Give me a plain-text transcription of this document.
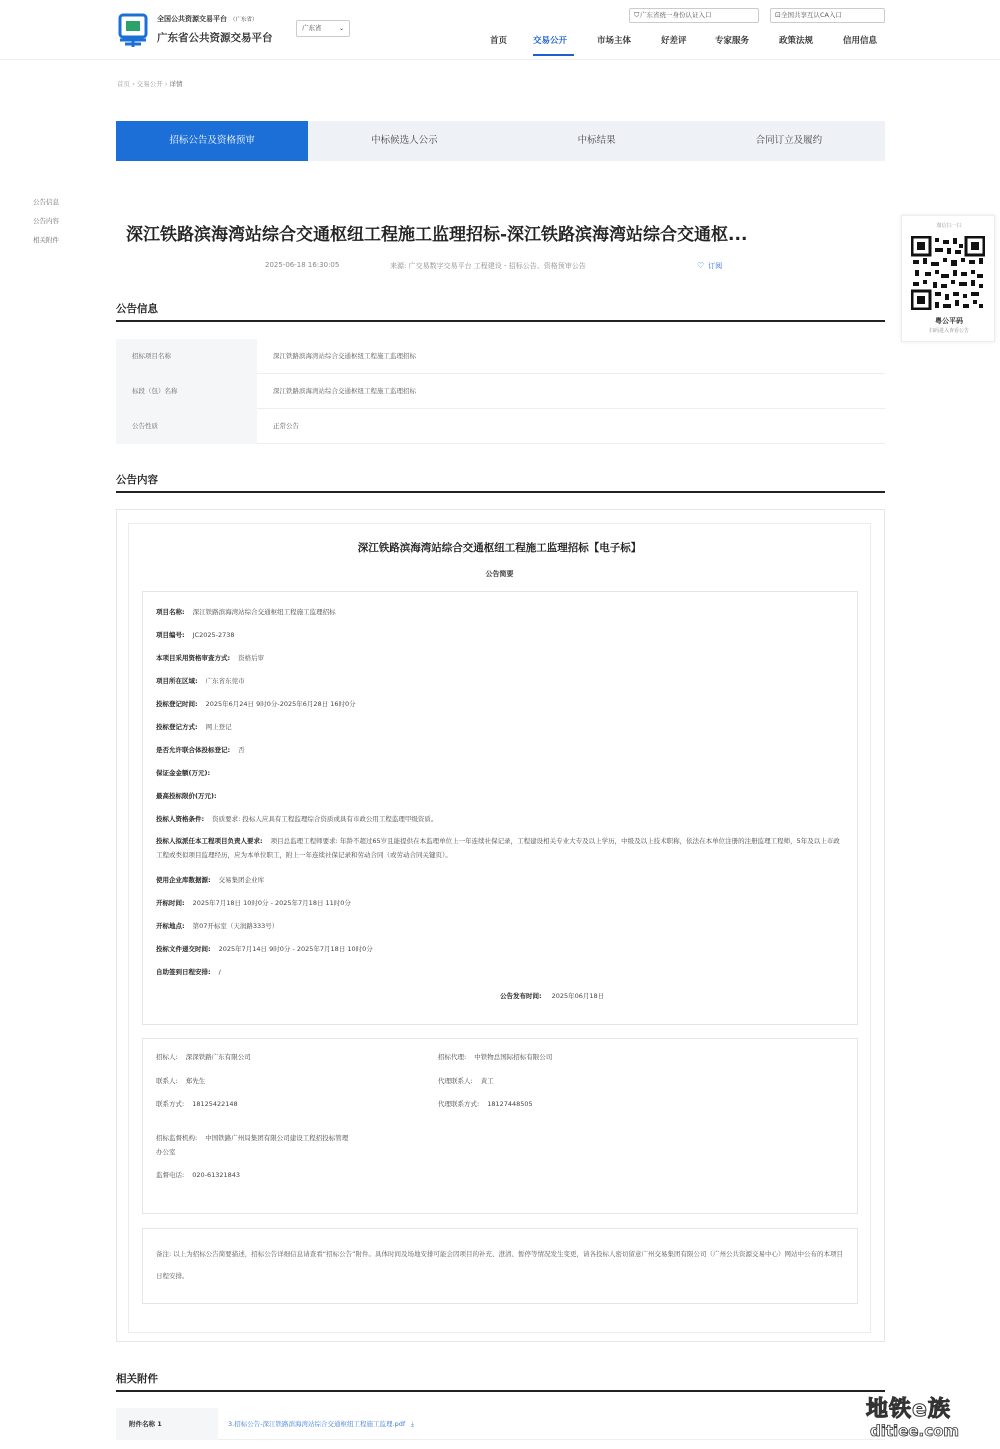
全国公共资源交易平台 （广东省）
广东省公共资源交易平台
广东省	⌄
⛉ 广东省统一身份认证入口	⊡ 全国共享互认CA入口
首页	交易公开	市场主体	好差评	专家服务	政策法规	信用信息
首页 › 交易公开 › 详情
招标公告及资格预审	中标候选人公示	中标结果	合同订立及履约
公告信息
公告内容
相关附件	深江铁路滨海湾站综合交通枢纽工程施工监理招标-深江铁路滨海湾站综合交通枢...
2025-06-18 16:30:05	来源: 广交易数字交易平台 工程建设 - 招标公告、资格预审公告	♡ 订阅
微信扫一扫
粤公平码
扫码进入查看公告
公告信息
招标项目名称	深江铁路滨海湾站综合交通枢纽工程施工监理招标
标段（包）名称	深江铁路滨海湾站综合交通枢纽工程施工监理招标
公告性质	正常公告
公告内容
深江铁路滨海湾站综合交通枢纽工程施工监理招标【电子标】
公告简要
项目名称: 深江铁路滨海湾站综合交通枢纽工程施工监理招标
项目编号: JC2025-2738
本项目采用资格审查方式: 资格后审
项目所在区域: 广东省东莞市
投标登记时间: 2025年6月24日 9时0分-2025年6月28日 16时0分
投标登记方式: 网上登记
是否允许联合体投标登记: 否
保证金金额(万元):
最高投标限价(万元):
投标人资格条件: 资质要求: 投标人应具有工程监理综合资质或具有市政公用工程监理甲级资质。
投标人拟派任本工程项目负责人要求: 项目总监理工程师要求: 年龄不超过65岁且能提供在本监理单位上一年连续社保记录，工程建设相关专业大专及以上学历，中级及以上技术职称，依法在本单位注册的注册监理工程师，5年及以上市政工程或类似项目监理经历，应为本单位职工，附上一年连续社保记录和劳动合同（或劳动合同关键页）。
使用企业库数据源: 交易集团企业库
开标时间: 2025年7月18日 10时0分 - 2025年7月18日 11时0分
开标地点: 第07开标室（天润路333号）
投标文件递交时间: 2025年7月14日 9时0分 - 2025年7月18日 10时0分
自助签到日程安排: /
公告发布时间: 2025年06月18日
招标人: 深深铁路广东有限公司
联系人: 郑先生
联系方式: 18125422148
招标代理: 中铁物总国际招标有限公司
代理联系人: 黄工
代理联系方式: 18127448505
招标监督机构: 中国铁路广州局集团有限公司建设工程招投标管理
办公室
监督电话: 020-61321843
备注: 以上为招标公告简要描述，招标公告详细信息请查看“招标公告”附件。具体时间及场地安排可能会因项目的补充、澄清、暂停等情况发生变更，请各投标人密切留意广州交易集团有限公司（广州公共资源交易中心）网站中公布的本项目日程安排。
相关附件
附件名称 1	3.招标公告-深江铁路滨海湾站综合交通枢纽工程施工监理.pdf ⤓
地铁e族
ditiee.com
